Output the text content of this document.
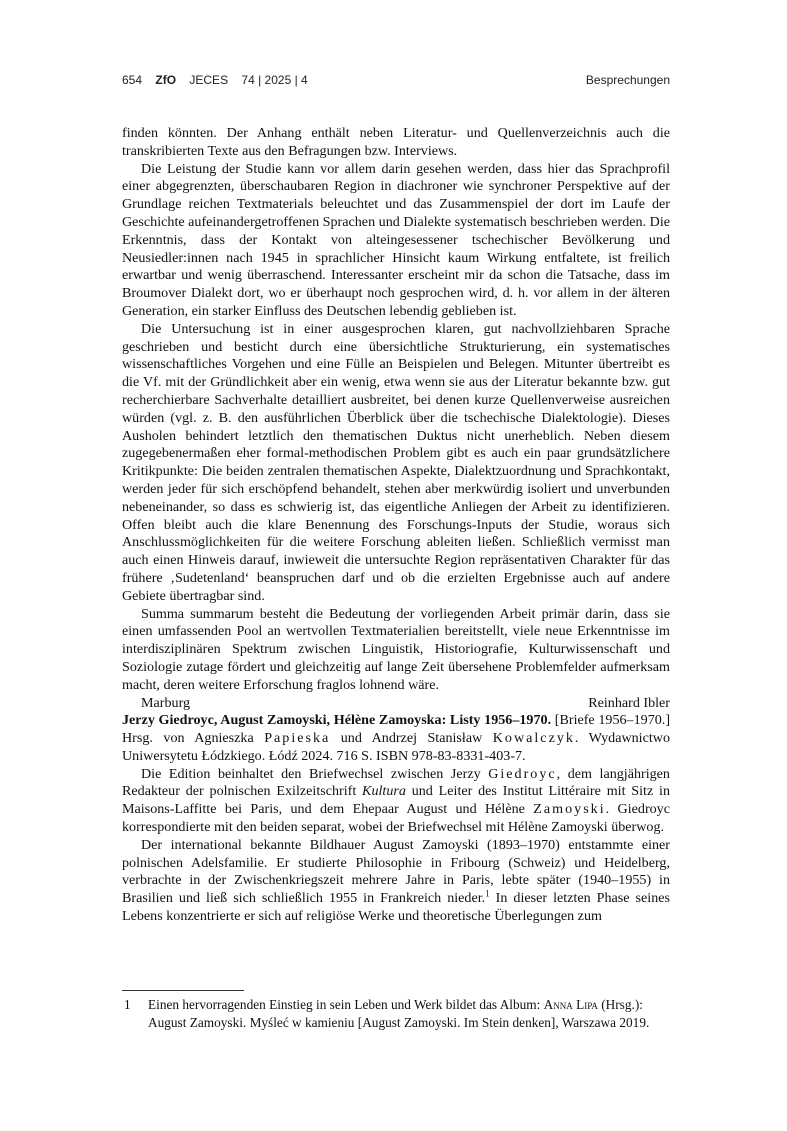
654 ZfO JECES 74 | 2025 | 4	Besprechungen

finden könnten. Der Anhang enthält neben Literatur- und Quellenverzeichnis auch die transkribierten Texte aus den Befragungen bzw. Interviews.

Die Leistung der Studie kann vor allem darin gesehen werden, dass hier das Sprachprofil einer abgegrenzten, überschaubaren Region in diachroner wie synchroner Perspektive auf der Grundlage reichen Textmaterials beleuchtet und das Zusammenspiel der dort im Laufe der Geschichte aufeinandergetroffenen Sprachen und Dialekte systematisch beschrieben werden. Die Erkenntnis, dass der Kontakt von alteingesessener tschechischer Bevölkerung und Neusiedler:innen nach 1945 in sprachlicher Hinsicht kaum Wirkung entfaltete, ist freilich erwartbar und wenig überraschend. Interessanter erscheint mir da schon die Tatsache, dass im Broumover Dialekt dort, wo er überhaupt noch gesprochen wird, d. h. vor allem in der älteren Generation, ein starker Einfluss des Deutschen lebendig geblieben ist.

Die Untersuchung ist in einer ausgesprochen klaren, gut nachvollziehbaren Sprache geschrieben und besticht durch eine übersichtliche Strukturierung, ein systematisches wissenschaftliches Vorgehen und eine Fülle an Beispielen und Belegen. Mitunter übertreibt es die Vf. mit der Gründlichkeit aber ein wenig, etwa wenn sie aus der Literatur bekannte bzw. gut recherchierbare Sachverhalte detailliert ausbreitet, bei denen kurze Quellenverweise ausreichen würden (vgl. z. B. den ausführlichen Überblick über die tschechische Dialektologie). Dieses Ausholen behindert letztlich den thematischen Duktus nicht unerheblich. Neben diesem zugegebenermaßen eher formal-methodischen Problem gibt es auch ein paar grundsätzlichere Kritikpunkte: Die beiden zentralen thematischen Aspekte, Dialektzuordnung und Sprachkontakt, werden jeder für sich erschöpfend behandelt, stehen aber merkwürdig isoliert und unverbunden nebeneinander, so dass es schwierig ist, das eigentliche Anliegen der Arbeit zu identifizieren. Offen bleibt auch die klare Benennung des Forschungs-Inputs der Studie, woraus sich Anschlussmöglichkeiten für die weitere Forschung ableiten ließen. Schließlich vermisst man auch einen Hinweis darauf, inwieweit die untersuchte Region repräsentativen Charakter für das frühere ‚Sudetenland‘ beanspruchen darf und ob die erzielten Ergebnisse auch auf andere Gebiete übertragbar sind.

Summa summarum besteht die Bedeutung der vorliegenden Arbeit primär darin, dass sie einen umfassenden Pool an wertvollen Textmaterialien bereitstellt, viele neue Erkenntnisse im interdisziplinären Spektrum zwischen Linguistik, Historiografie, Kulturwissenschaft und Soziologie zutage fördert und gleichzeitig auf lange Zeit übersehene Problemfelder aufmerksam macht, deren weitere Erforschung fraglos lohnend wäre.

Marburg	Reinhard Ibler

Jerzy Giedroyc, August Zamoyski, Hélène Zamoyska: Listy 1956–1970. [Briefe 1956–1970.] Hrsg. von Agnieszka Papieska und Andrzej Stanisław Kowalczyk. Wydawnictwo Uniwersytetu Łódzkiego. Łódź 2024. 716 S. ISBN 978-83-8331-403-7.

Die Edition beinhaltet den Briefwechsel zwischen Jerzy Giedroyc, dem langjährigen Redakteur der polnischen Exilzeitschrift Kultura und Leiter des Institut Littéraire mit Sitz in Maisons-Laffitte bei Paris, und dem Ehepaar August und Hélène Zamoyski. Giedroyc korrespondierte mit den beiden separat, wobei der Briefwechsel mit Hélène Zamoyski überwog.

Der international bekannte Bildhauer August Zamoyski (1893–1970) entstammte einer polnischen Adelsfamilie. Er studierte Philosophie in Fribourg (Schweiz) und Heidelberg, verbrachte in der Zwischenkriegszeit mehrere Jahre in Paris, lebte später (1940–1955) in Brasilien und ließ sich schließlich 1955 in Frankreich nieder.$^1$ In dieser letzten Phase seines Lebens konzentrierte er sich auf religiöse Werke und theoretische Überlegungen zum

1	Einen hervorragenden Einstieg in sein Leben und Werk bildet das Album: Anna Lipa (Hrsg.): August Zamoyski. Myśleć w kamieniu [August Zamoyski. Im Stein denken], Warszawa 2019.
